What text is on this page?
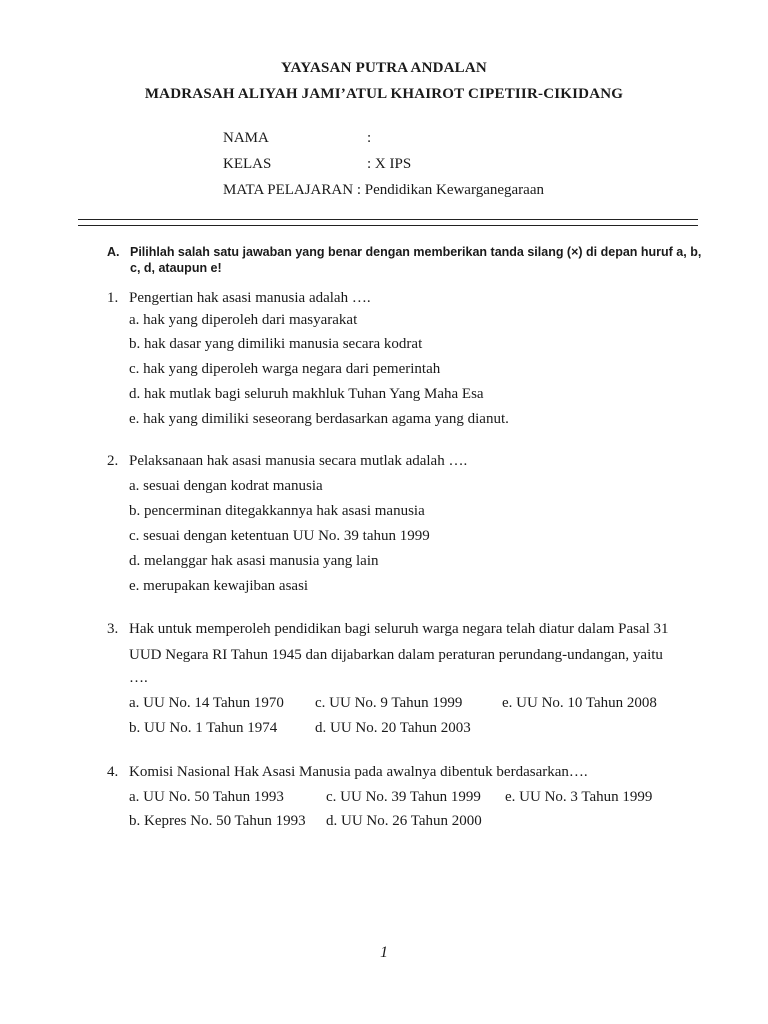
YAYASAN PUTRA ANDALAN
MADRASAH ALIYAH JAMI’ATUL KHAIROT CIPETIIR-CIKIDANG
NAMA	:
KELAS	: X IPS
MATA PELAJARAN : Pendidikan Kewarganegaraan
A. Pilihlah salah satu jawaban yang benar dengan memberikan tanda silang (×) di depan huruf a, b, c, d, ataupun e!
1. Pengertian hak asasi manusia adalah ….
a. hak yang diperoleh dari masyarakat
b. hak dasar yang dimiliki manusia secara kodrat
c. hak yang diperoleh warga negara dari pemerintah
d. hak mutlak bagi seluruh makhluk Tuhan Yang Maha Esa
e. hak yang dimiliki seseorang berdasarkan agama yang dianut.
2. Pelaksanaan hak asasi manusia secara mutlak adalah ….
a. sesuai dengan kodrat manusia
b. pencerminan ditegakkannya hak asasi manusia
c. sesuai dengan ketentuan UU No. 39 tahun 1999
d. melanggar hak asasi manusia yang lain
e. merupakan kewajiban asasi
3. Hak untuk memperoleh pendidikan bagi seluruh warga negara telah diatur dalam Pasal 31
UUD Negara RI Tahun 1945 dan dijabarkan dalam peraturan perundang-undangan, yaitu
….
a. UU No. 14 Tahun 1970 c. UU No. 9 Tahun 1999	e. UU No. 10 Tahun 2008
b. UU No. 1 Tahun 1974	d. UU No. 20 Tahun 2003
4. Komisi Nasional Hak Asasi Manusia pada awalnya dibentuk berdasarkan….
a. UU No. 50 Tahun 1993	c. UU No. 39 Tahun 1999 e. UU No. 3 Tahun 1999
b. Kepres No. 50 Tahun 1993 d. UU No. 26 Tahun 2000
1
